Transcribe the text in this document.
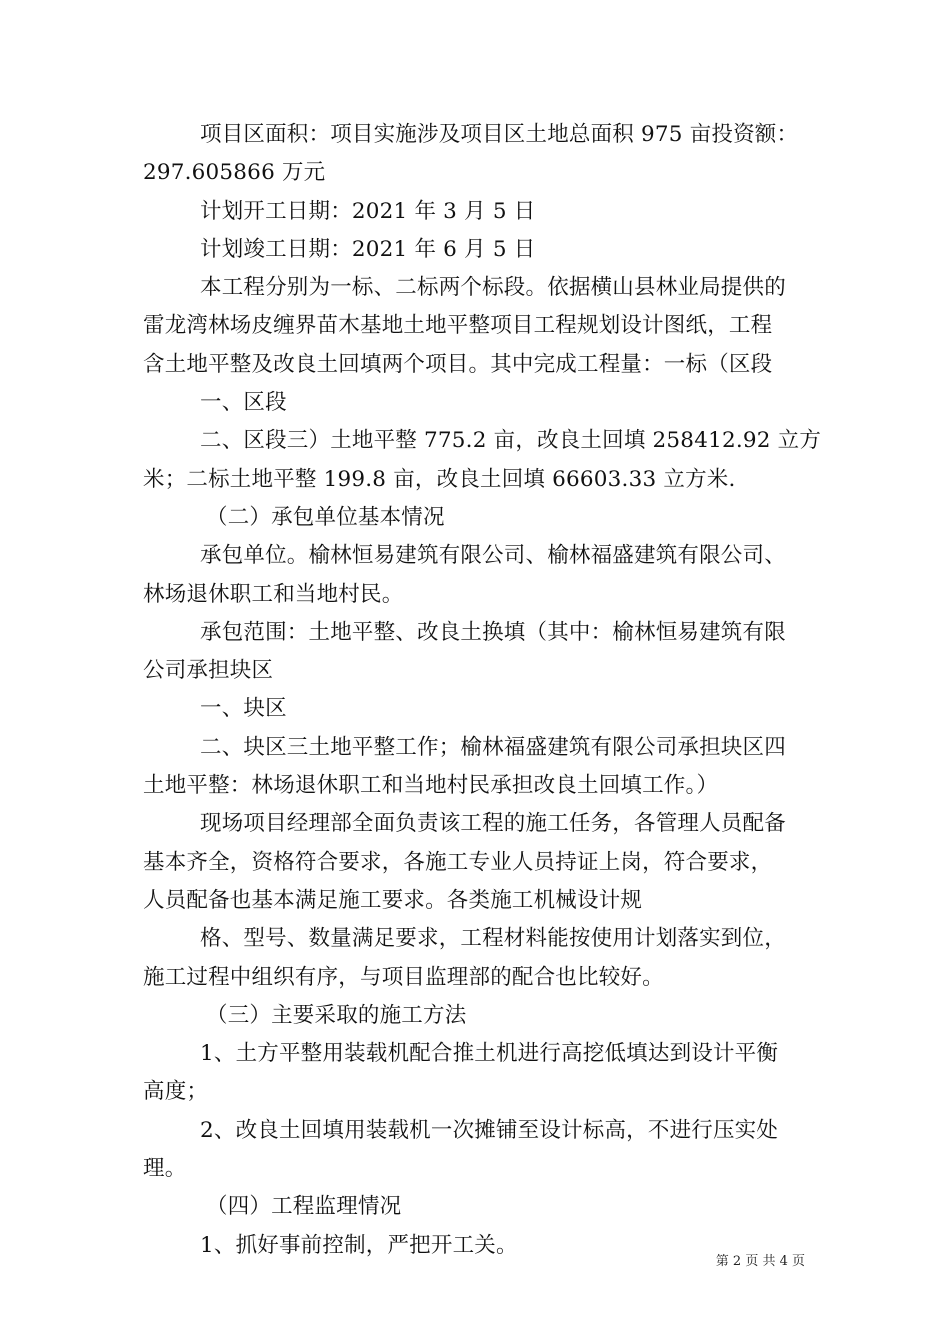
项目区面积：项目实施涉及项目区土地总面积 975 亩投资额：
297.605866 万元
计划开工日期：2021 年 3 月 5 日
计划竣工日期：2021 年 6 月 5 日
本工程分别为一标、二标两个标段。依据横山县林业局提供的
雷龙湾林场皮缠界苗木基地土地平整项目工程规划设计图纸，工程
含土地平整及改良土回填两个项目。其中完成工程量：一标（区段
一、区段
二、区段三）土地平整 775.2 亩，改良土回填 258412.92 立方
米；二标土地平整 199.8 亩，改良土回填 66603.33 立方米.
（二）承包单位基本情况
承包单位。榆林恒易建筑有限公司、榆林福盛建筑有限公司、
林场退休职工和当地村民。
承包范围：土地平整、改良土换填（其中：榆林恒易建筑有限
公司承担块区
一、块区
二、块区三土地平整工作；榆林福盛建筑有限公司承担块区四
土地平整：林场退休职工和当地村民承担改良土回填工作。）
现场项目经理部全面负责该工程的施工任务，各管理人员配备
基本齐全，资格符合要求，各施工专业人员持证上岗，符合要求，
人员配备也基本满足施工要求。各类施工机械设计规
格、型号、数量满足要求，工程材料能按使用计划落实到位，
施工过程中组织有序，与项目监理部的配合也比较好。
（三）主要采取的施工方法
1、土方平整用装载机配合推土机进行高挖低填达到设计平衡
高度；
2、改良土回填用装载机一次摊铺至设计标高，不进行压实处
理。
（四）工程监理情况
1、抓好事前控制，严把开工关。
第 2 页 共 4 页
